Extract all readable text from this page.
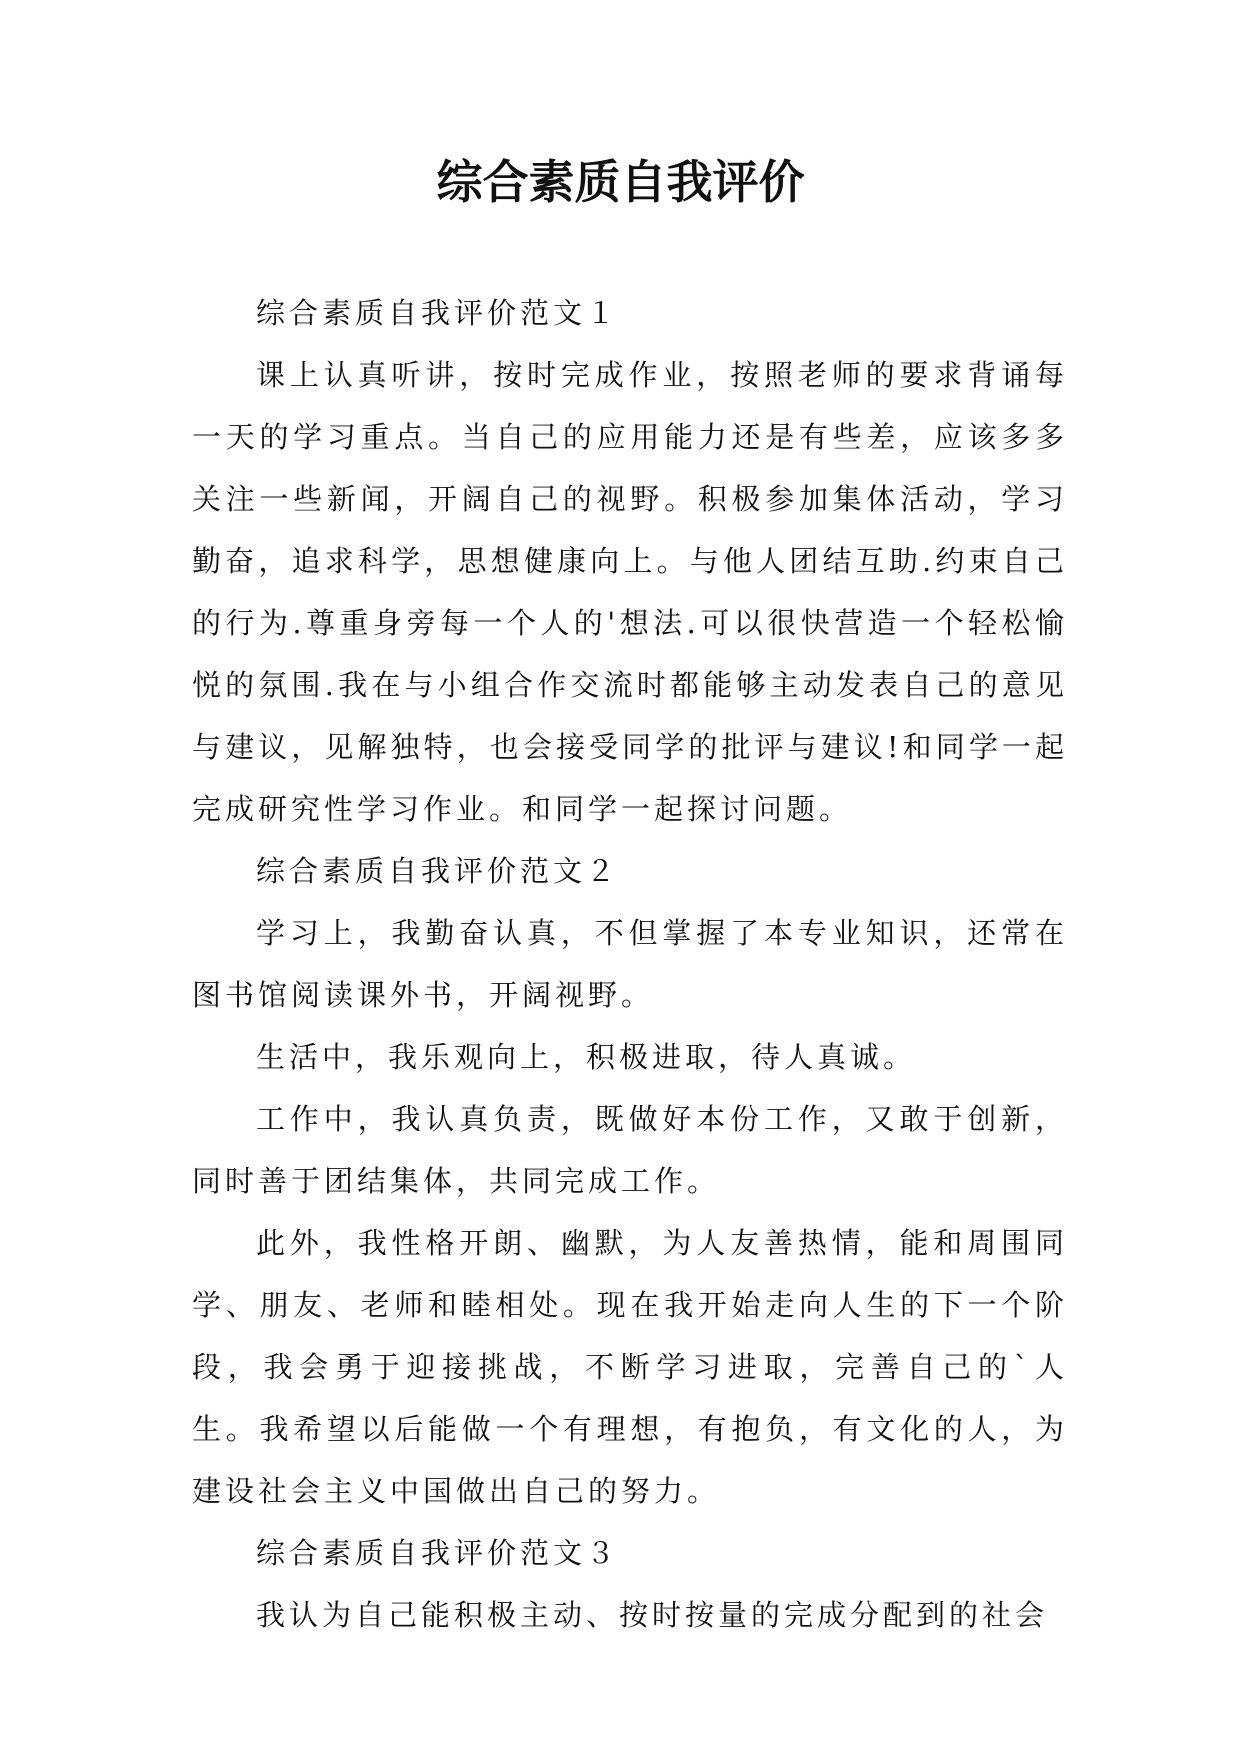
综合素质自我评价

综合素质自我评价范文１

课上认真听讲，按时完成作业，按照老师的要求背诵每一天的学习重点。当自己的应用能力还是有些差，应该多多关注一些新闻，开阔自己的视野。积极参加集体活动，学习勤奋，追求科学，思想健康向上。与他人团结互助.约束自己的行为.尊重身旁每一个人的'想法.可以很快营造一个轻松愉悦的氛围.我在与小组合作交流时都能够主动发表自己的意见与建议，见解独特，也会接受同学的批评与建议!和同学一起完成研究性学习作业。和同学一起探讨问题。

综合素质自我评价范文２

学习上，我勤奋认真，不但掌握了本专业知识，还常在图书馆阅读课外书，开阔视野。

生活中，我乐观向上，积极进取，待人真诚。

工作中，我认真负责，既做好本份工作，又敢于创新，同时善于团结集体，共同完成工作。

此外，我性格开朗、幽默，为人友善热情，能和周围同学、朋友、老师和睦相处。现在我开始走向人生的下一个阶段，我会勇于迎接挑战，不断学习进取，完善自己的`人生。我希望以后能做一个有理想，有抱负，有文化的人，为建设社会主义中国做出自己的努力。

综合素质自我评价范文３

我认为自己能积极主动、按时按量的完成分配到的社会
